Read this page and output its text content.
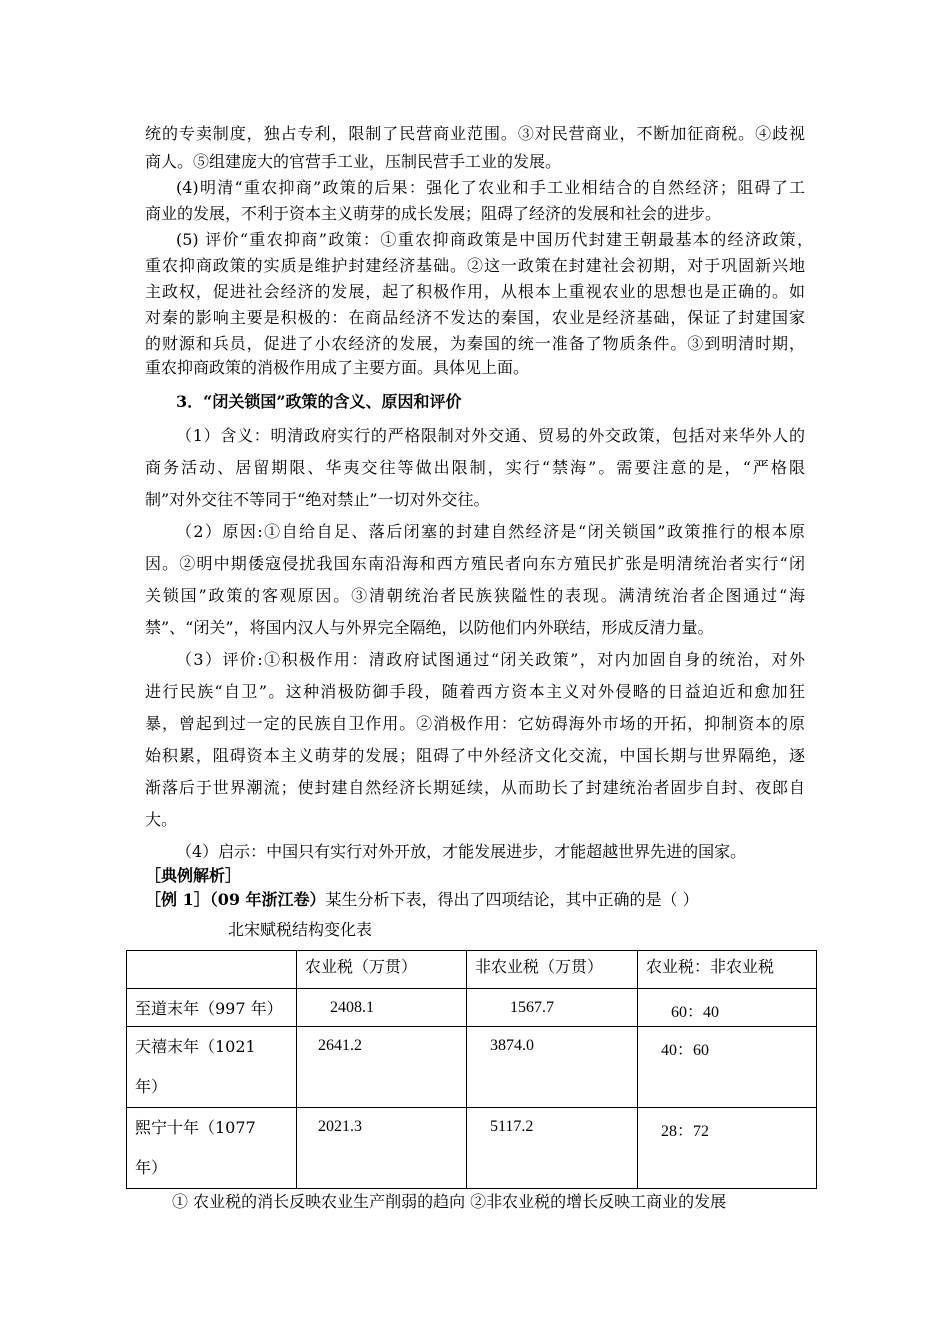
统的专卖制度，独占专利，限制了民营商业范围。③对民营商业，不断加征商税。④歧视
商人。⑤组建庞大的官营手工业，压制民营手工业的发展。
(4)明清“重农抑商”政策的后果：强化了农业和手工业相结合的自然经济；阻碍了工
商业的发展，不利于资本主义萌芽的成长发展；阻碍了经济的发展和社会的进步。
(5) 评价“重农抑商”政策：①重农抑商政策是中国历代封建王朝最基本的经济政策，
重农抑商政策的实质是维护封建经济基础。②这一政策在封建社会初期，对于巩固新兴地
主政权，促进社会经济的发展，起了积极作用，从根本上重视农业的思想也是正确的。如
对秦的影响主要是积极的：在商品经济不发达的秦国，农业是经济基础，保证了封建国家
的财源和兵员，促进了小农经济的发展，为秦国的统一准备了物质条件。③到明清时期，
重农抑商政策的消极作用成了主要方面。具体见上面。
3．“闭关锁国”政策的含义、原因和评价
（1）含义：明清政府实行的严格限制对外交通、贸易的外交政策，包括对来华外人的
商务活动、居留期限、华夷交往等做出限制，实行“禁海”。需要注意的是，“严格限
制”对外交往不等同于“绝对禁止”一切对外交往。
（2）原因:①自给自足、落后闭塞的封建自然经济是“闭关锁国”政策推行的根本原
因。②明中期倭寇侵扰我国东南沿海和西方殖民者向东方殖民扩张是明清统治者实行“闭
关锁国”政策的客观原因。③清朝统治者民族狭隘性的表现。满清统治者企图通过“海
禁”、“闭关”，将国内汉人与外界完全隔绝，以防他们内外联结，形成反清力量。
（3）评价:①积极作用：清政府试图通过“闭关政策”，对内加固自身的统治，对外
进行民族“自卫”。这种消极防御手段，随着西方资本主义对外侵略的日益迫近和愈加狂
暴，曾起到过一定的民族自卫作用。②消极作用：它妨碍海外市场的开拓，抑制资本的原
始积累，阻碍资本主义萌芽的发展；阻碍了中外经济文化交流，中国长期与世界隔绝，逐
渐落后于世界潮流；使封建自然经济长期延续，从而助长了封建统治者固步自封、夜郎自
大。
（4）启示：中国只有实行对外开放，才能发展进步，才能超越世界先进的国家。
［典例解析］
［例 1］（09 年浙江卷）某生分析下表，得出了四项结论，其中正确的是（ ）
北宋赋税结构变化表

	农业税（万贯）	非农业税（万贯）	农业税：非农业税

至道末年（997 年）	2408.1	1567.7	60：40

天禧末年（1021 年）	2641.2	3874.0	40：60

熙宁十年（1077 年）	2021.3	5117.2	28：72
① 农业税的消长反映农业生产削弱的趋向 ②非农业税的增长反映工商业的发展
